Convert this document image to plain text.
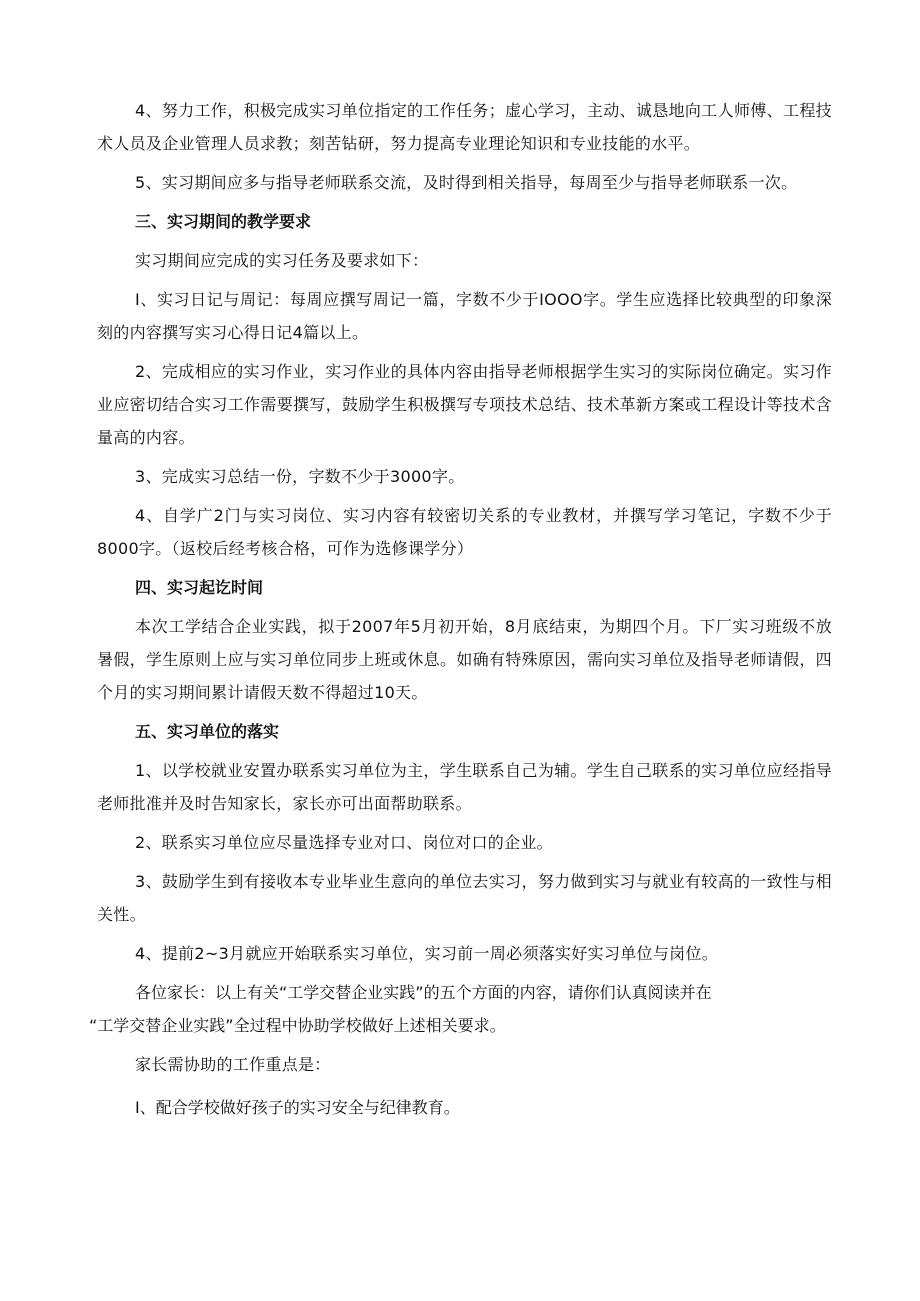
4、努力工作，积极完成实习单位指定的工作任务；虚心学习，主动、诚恳地向工人师傅、工程技术人员及企业管理人员求教；刻苦钻研，努力提高专业理论知识和专业技能的水平。

5、实习期间应多与指导老师联系交流，及时得到相关指导，每周至少与指导老师联系一次。

三、实习期间的教学要求

实习期间应完成的实习任务及要求如下：

I、实习日记与周记：每周应撰写周记一篇，字数不少于IOOO字。学生应选择比较典型的印象深刻的内容撰写实习心得日记4篇以上。

2、完成相应的实习作业，实习作业的具体内容由指导老师根据学生实习的实际岗位确定。实习作业应密切结合实习工作需要撰写，鼓励学生积极撰写专项技术总结、技术革新方案或工程设计等技术含量高的内容。

3、完成实习总结一份，字数不少于3000字。

4、自学广2门与实习岗位、实习内容有较密切关系的专业教材，并撰写学习笔记，字数不少于8000字。（返校后经考核合格，可作为选修课学分）

四、实习起讫时间

本次工学结合企业实践，拟于2007年5月初开始，8月底结束，为期四个月。下厂实习班级不放暑假，学生原则上应与实习单位同步上班或休息。如确有特殊原因，需向实习单位及指导老师请假，四个月的实习期间累计请假天数不得超过10天。

五、实习单位的落实

1、以学校就业安置办联系实习单位为主，学生联系自己为辅。学生自己联系的实习单位应经指导老师批准并及时告知家长，家长亦可出面帮助联系。

2、联系实习单位应尽量选择专业对口、岗位对口的企业。

3、鼓励学生到有接收本专业毕业生意向的单位去实习，努力做到实习与就业有较高的一致性与相关性。

4、提前2~3月就应开始联系实习单位，实习前一周必须落实好实习单位与岗位。

各位家长：以上有关“工学交替企业实践”的五个方面的内容，请你们认真阅读并在

“工学交替企业实践”全过程中协助学校做好上述相关要求。

家长需协助的工作重点是：

I、配合学校做好孩子的实习安全与纪律教育。
